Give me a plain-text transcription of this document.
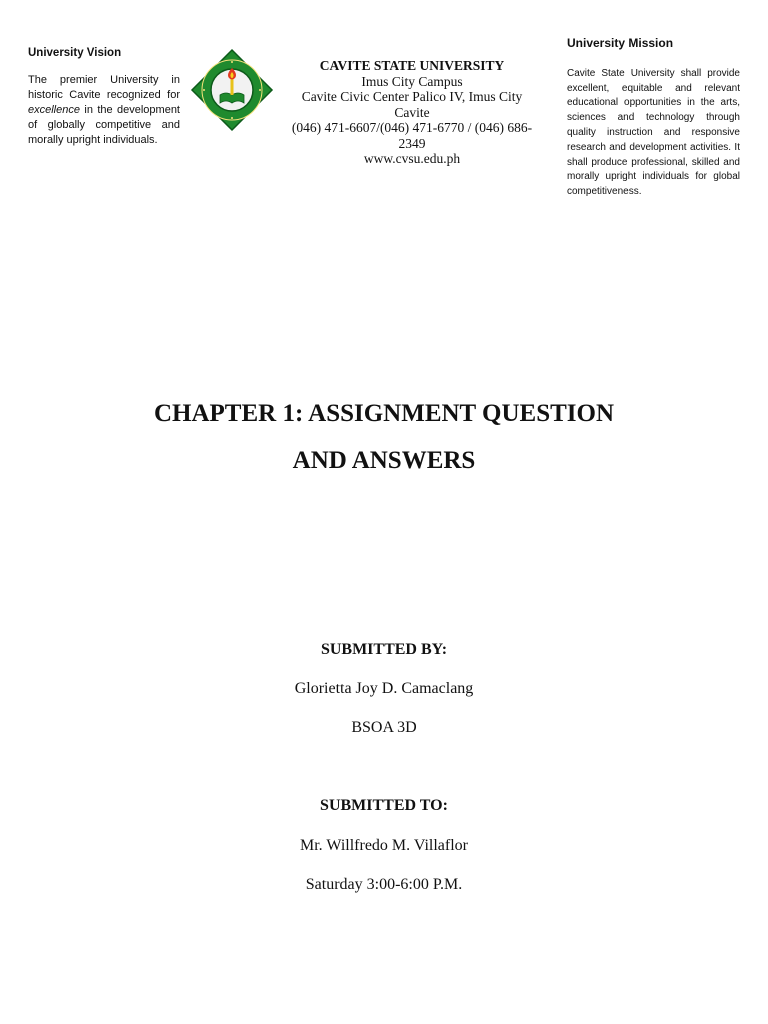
University Vision

The premier University in historic Cavite recognized for excellence in the development of globally competitive and morally upright individuals.

CAVITE STATE UNIVERSITY
Imus City Campus
Cavite Civic Center Palico IV, Imus City Cavite
(046) 471-6607/(046) 471-6770 / (046) 686-2349
www.cvsu.edu.ph
University Mission

Cavite State University shall provide excellent, equitable and relevant educational opportunities in the arts, sciences and technology through quality instruction and responsive research and development activities. It shall produce professional, skilled and morally upright individuals for global competitiveness.

CHAPTER 1: ASSIGNMENT QUESTION
AND ANSWERS
SUBMITTED BY:
Glorietta Joy D. Camaclang
BSOA 3D
SUBMITTED TO:
Mr. Willfredo M. Villaflor
Saturday 3:00-6:00 P.M.
